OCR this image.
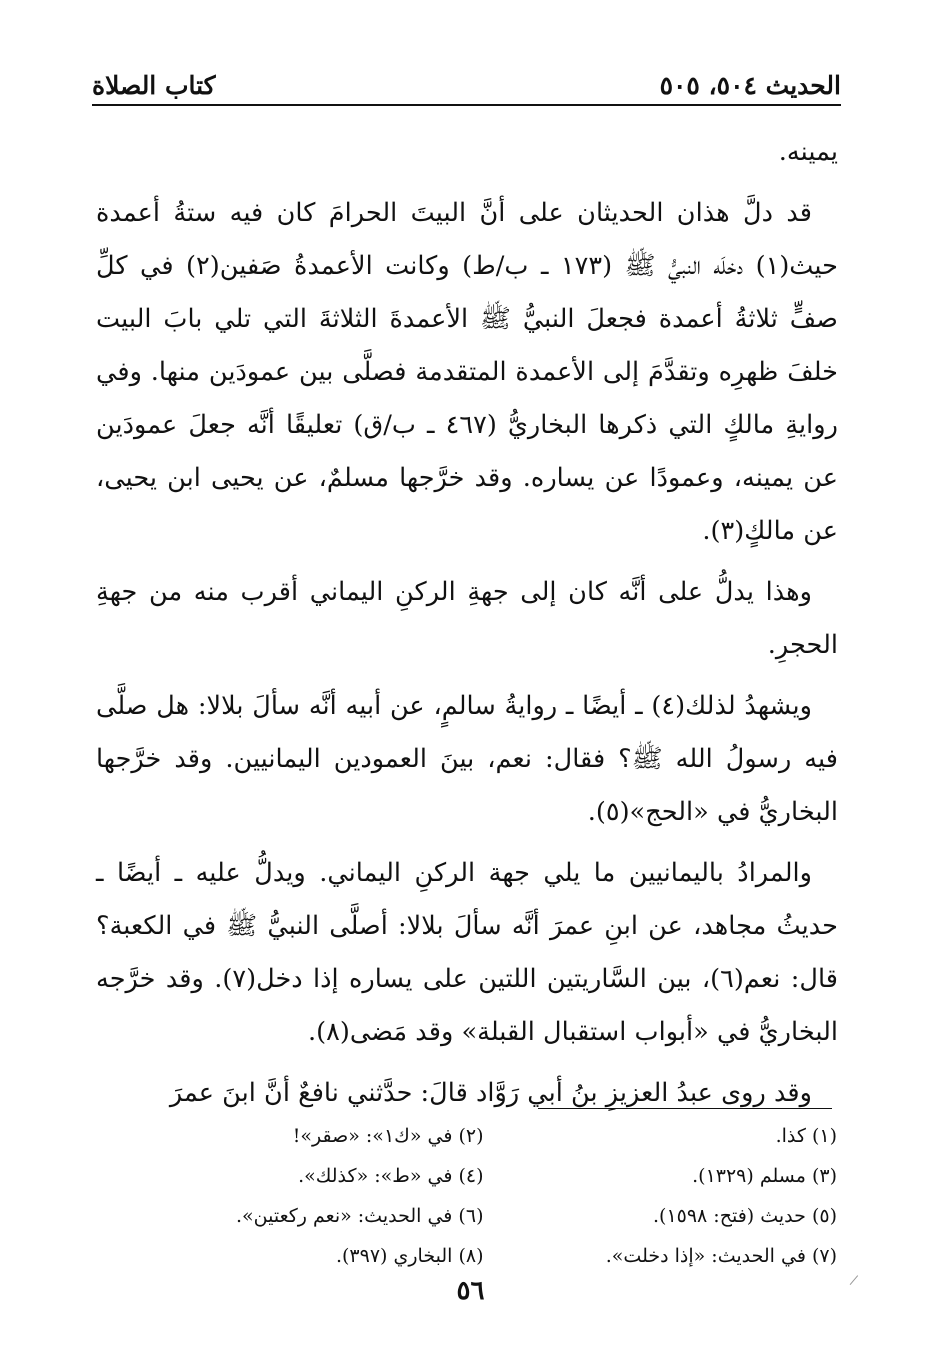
الحديث ٥٠٤، ٥٠٥
كتاب الصلاة

يمينه.

قد دلَّ هذان الحديثان على أنَّ البيتَ الحرامَ كان فيه ستةُ أعمدة حيث(١) دخلَه النبيُّ ﷺ (١٧٣ ـ ب/ط) وكانت الأعمدةُ صَفين(٢) في كلِّ صفٍّ ثلاثةُ أعمدة فجعلَ النبيُّ ﷺ الأعمدةَ الثلاثةَ التي تلي بابَ البيت خلفَ ظهرِه وتقدَّمَ إلى الأعمدة المتقدمة فصلَّى بين عمودَين منها. وفي روايةِ مالكٍ التي ذكرها البخاريُّ (٤٦٧ ـ ب/ق) تعليقًا أنَّه جعلَ عمودَين عن يمينه، وعمودًا عن يساره. وقد خرَّجها مسلمٌ، عن يحيى ابن يحيى، عن مالكٍ(٣).

وهذا يدلُّ على أنَّه كان إلى جهةِ الركنِ اليماني أقرب منه من جهةِ الحجرِ.

ويشهدُ لذلك(٤) ـ أيضًا ـ روايةُ سالمٍ، عن أبيه أنَّه سألَ بلالا: هل صلَّى فيه رسولُ الله ﷺ؟ فقال: نعم، بينَ العمودين اليمانيين. وقد خرَّجها البخاريُّ في «الحج»(٥).

والمرادُ باليمانيين ما يلي جهة الركنِ اليماني. ويدلُّ عليه ـ أيضًا ـ حديثُ مجاهد، عن ابنِ عمرَ أنَّه سألَ بلالا: أصلَّى النبيُّ ﷺ في الكعبة؟ قال: نعم(٦)، بين السَّاريتين اللتين على يساره إذا دخل(٧). وقد خرَّجه البخاريُّ في «أبواب استقبال القبلة» وقد مَضى(٨).

وقد روى عبدُ العزيزِ بنُ أبي رَوَّاد قالَ: حدَّثني نافعٌ أنَّ ابنَ عمرَ

(١) كذا.
(٢) في «ك١»: «صقر»!
(٣) مسلم (١٣٢٩).
(٤) في «ط»: «كذلك».
(٥) حديث (فتح: ١٥٩٨).
(٦) في الحديث: «نعم ركعتين».
(٧) في الحديث: «إذا دخلت».
(٨) البخاري (٣٩٧).
٥٦
